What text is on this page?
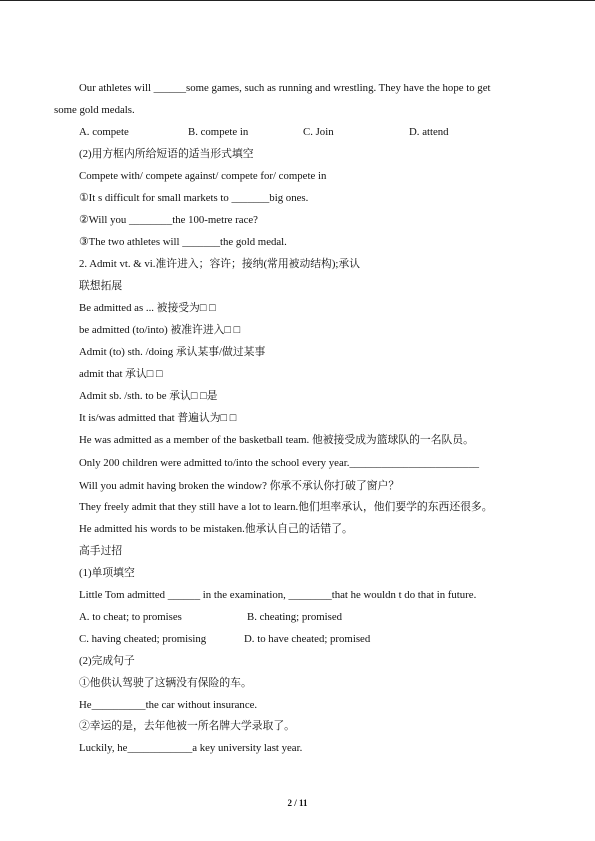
Our athletes will ______some games, such as running and wrestling. They have the hope to get
some gold medals.
A. compete	B. compete in	C. Join	D. attend
(2)用方框内所给短语的适当形式填空
Compete with/ compete against/ compete for/ compete in
①It s difficult for small markets to _______big ones.
②Will you ________the 100-metre race?
③The two athletes will _______the gold medal.
2. Admit vt. & vi.准许进入；容许；接纳(常用被动结构);承认
联想拓展
Be admitted as ... 被接受为□ □
be admitted (to/into) 被准许进入□ □
Admit (to) sth. /doing 承认某事/做过某事
admit that 承认□ □
Admit sb. /sth. to be 承认□ □是
It is/was admitted that 普遍认为□ □
He was admitted as a member of the basketball team. 他被接受成为篮球队的一名队员。
Only 200 children were admitted to/into the school every year.________________________
Will you admit having broken the window? 你承不承认你打破了窗户？
They freely admit that they still have a lot to learn.他们坦率承认，他们要学的东西还很多。
He admitted his words to be mistaken.他承认自己的话错了。
高手过招
(1)单项填空
Little Tom admitted ______ in the examination, ________that he wouldn t do that in future.
A. to cheat; to promises	B. cheating; promised
C. having cheated; promising	D. to have cheated; promised
(2)完成句子
①他供认驾驶了这辆没有保险的车。
He__________the car without insurance.
②幸运的是，去年他被一所名牌大学录取了。
Luckily, he____________a key university last year.
2 / 11
